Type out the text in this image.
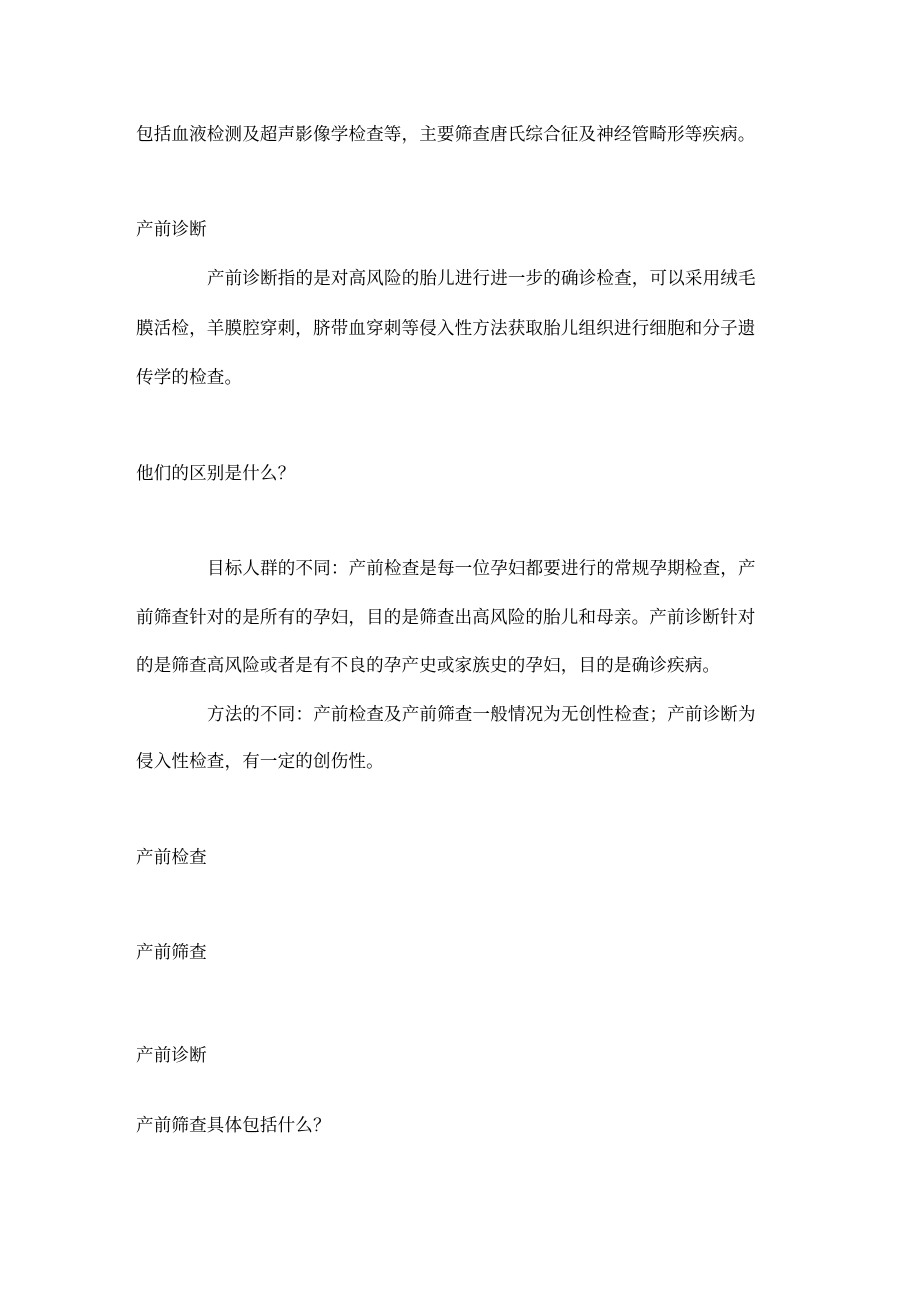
包括血液检测及超声影像学检查等，主要筛查唐氏综合征及神经管畸形等疾病。
产前诊断
产前诊断指的是对高风险的胎儿进行进一步的确诊检查，可以采用绒毛
膜活检，羊膜腔穿刺，脐带血穿刺等侵入性方法获取胎儿组织进行细胞和分子遗
传学的检查。
他们的区别是什么？
目标人群的不同：产前检查是每一位孕妇都要进行的常规孕期检查，产
前筛查针对的是所有的孕妇，目的是筛查出高风险的胎儿和母亲。产前诊断针对
的是筛查高风险或者是有不良的孕产史或家族史的孕妇，目的是确诊疾病。
方法的不同：产前检查及产前筛查一般情况为无创性检查；产前诊断为
侵入性检查，有一定的创伤性。
产前检查
产前筛查
产前诊断
产前筛查具体包括什么？
